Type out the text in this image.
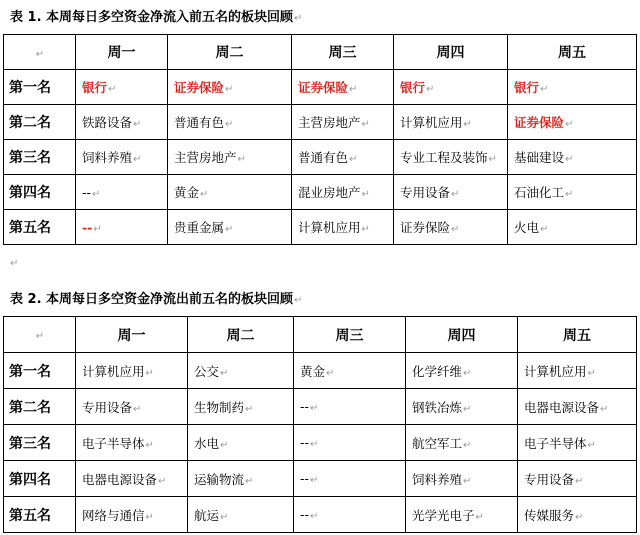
表 1. 本周每日多空资金净流入前五名的板块回顾↵
↵	周一	周二	周三	周四	周五
第一名	银行↵	证券保险↵	证券保险↵	银行↵	银行↵
第二名	铁路设备↵	普通有色↵	主营房地产↵	计算机应用↵	证券保险↵
第三名	饲料养殖↵	主营房地产↵	普通有色↵	专业工程及装饰↵	基础建设↵
第四名	--↵	黄金↵	混业房地产↵	专用设备↵	石油化工↵
第五名	--↵	贵重金属↵	计算机应用↵	证券保险↵	火电↵
↵
表 2. 本周每日多空资金净流出前五名的板块回顾↵
↵	周一	周二	周三	周四	周五
第一名	计算机应用↵	公交↵	黄金↵	化学纤维↵	计算机应用↵
第二名	专用设备↵	生物制药↵	--↵	钢铁冶炼↵	电器电源设备↵
第三名	电子半导体↵	水电↵	--↵	航空军工↵	电子半导体↵
第四名	电器电源设备↵	运输物流↵	--↵	饲料养殖↵	专用设备↵
第五名	网络与通信↵	航运↵	--↵	光学光电子↵	传媒服务↵
